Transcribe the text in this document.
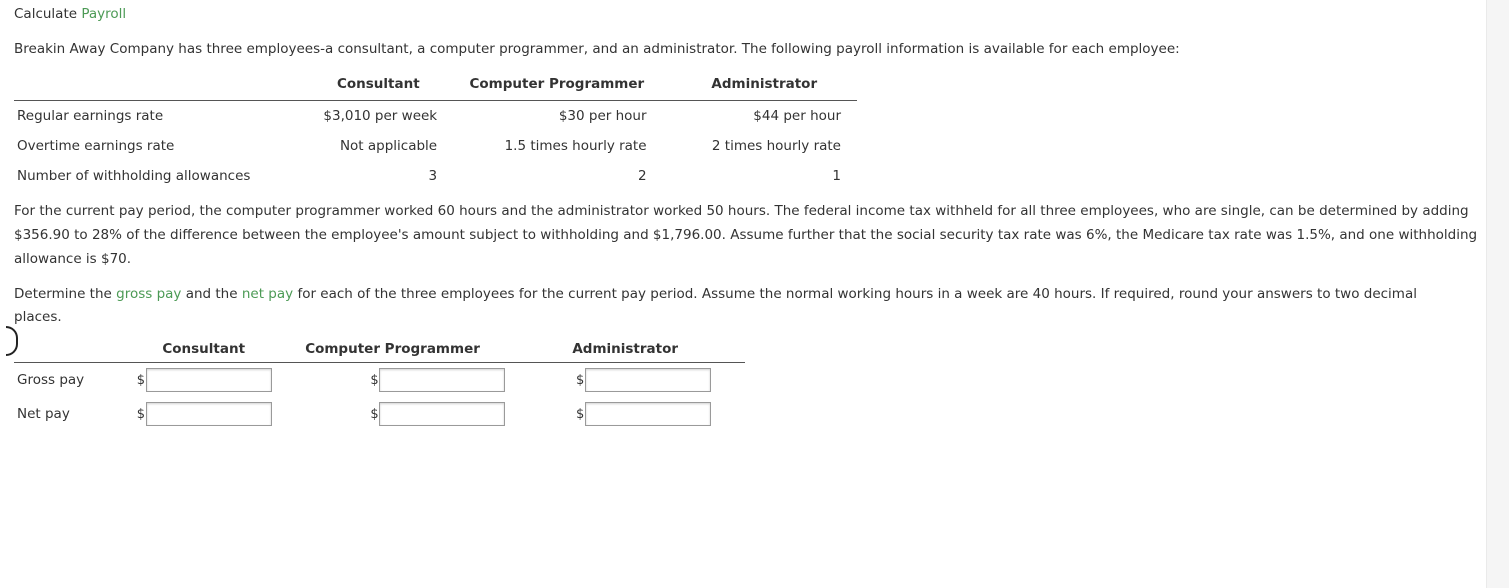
Calculate Payroll
Breakin Away Company has three employees-a consultant, a computer programmer, and an administrator. The following payroll information is available for each employee:
	Consultant	Computer Programmer	Administrator
Regular earnings rate	$3,010 per week	$30 per hour	$44 per hour
Overtime earnings rate	Not applicable	1.5 times hourly rate	2 times hourly rate
Number of withholding allowances	3	2	1
For the current pay period, the computer programmer worked 60 hours and the administrator worked 50 hours. The federal income tax withheld for all three employees, who are single, can be determined by adding $356.90 to 28% of the difference between the employee's amount subject to withholding and $1,796.00. Assume further that the social security tax rate was 6%, the Medicare tax rate was 1.5%, and one withholding allowance is $70.
Determine the gross pay and the net pay for each of the three employees for the current pay period. Assume the normal working hours in a week are 40 hours. If required, round your answers to two decimal places.
	Consultant	Computer Programmer	Administrator
Gross pay	$	$	$
Net pay	$	$	$
